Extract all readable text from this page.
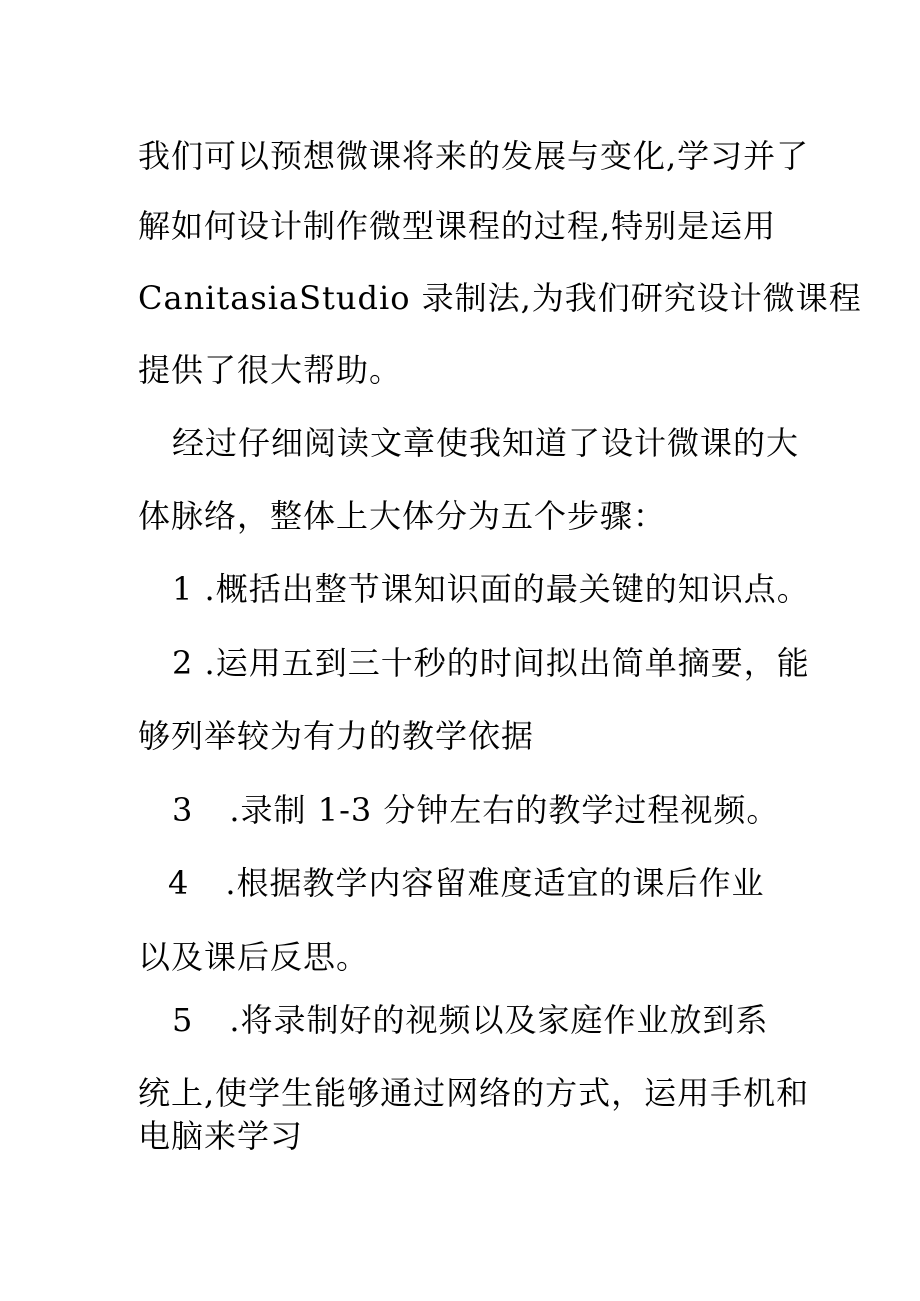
我们可以预想微课将来的发展与变化,学习并了
解如何设计制作微型课程的过程,特别是运用
CanitasiaStudio 录制法,为我们研究设计微课程
提供了很大帮助。
经过仔细阅读文章使我知道了设计微课的大
体脉络，整体上大体分为五个步骤：
1 .概括出整节课知识面的最关键的知识点。
2 .运用五到三十秒的时间拟出简单摘要，能
够列举较为有力的教学依据
3 .录制 1-3 分钟左右的教学过程视频。
4 .根据教学内容留难度适宜的课后作业
以及课后反思。
5 .将录制好的视频以及家庭作业放到系
统上,使学生能够通过网络的方式，运用手机和
电脑来学习
